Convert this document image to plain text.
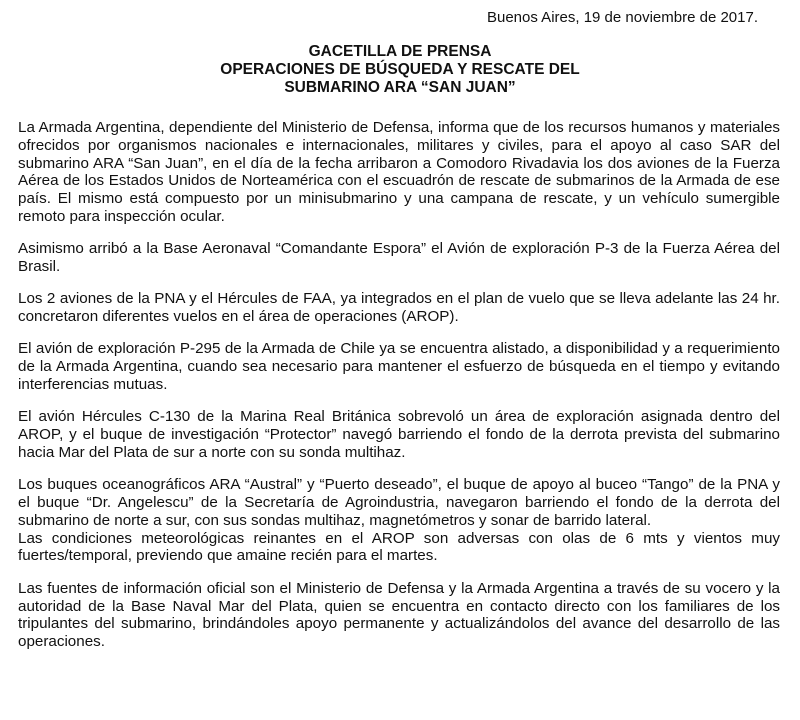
Buenos Aires, 19 de noviembre de 2017.

GACETILLA DE PRENSA
OPERACIONES DE BÚSQUEDA Y RESCATE DEL
SUBMARINO ARA “SAN JUAN”

La Armada Argentina, dependiente del Ministerio de Defensa, informa que de los recursos humanos y materiales ofrecidos por organismos nacionales e internacionales, militares y civiles, para el apoyo al caso SAR del submarino ARA “San Juan”, en el día de la fecha arribaron a Comodoro Rivadavia los dos aviones de la Fuerza Aérea de los Estados Unidos de Norteamérica con el escuadrón de rescate de submarinos de la Armada de ese país. El mismo está compuesto por un minisubmarino y una campana de rescate, y un vehículo sumergible remoto para inspección ocular.

Asimismo arribó a la Base Aeronaval “Comandante Espora” el Avión de exploración P-3 de la Fuerza Aérea del Brasil.

Los 2 aviones de la PNA y el Hércules de FAA, ya integrados en el plan de vuelo que se lleva adelante las 24 hr. concretaron diferentes vuelos en el área de operaciones (AROP).

El avión de exploración P-295 de la Armada de Chile ya se encuentra alistado, a disponibilidad y a requerimiento de la Armada Argentina, cuando sea necesario para mantener el esfuerzo de búsqueda en el tiempo y evitando interferencias mutuas.

El avión Hércules C-130 de la Marina Real Británica sobrevoló un área de exploración asignada dentro del AROP, y el buque de investigación “Protector” navegó barriendo el fondo de la derrota prevista del submarino hacia Mar del Plata de sur a norte con su sonda multihaz.

Los buques oceanográficos ARA “Austral” y “Puerto deseado”, el buque de apoyo al buceo “Tango” de la PNA y el buque “Dr. Angelescu” de la Secretaría de Agroindustria, navegaron barriendo el fondo de la derrota del submarino de norte a sur, con sus sondas multihaz, magnetómetros y sonar de barrido lateral.

Las condiciones meteorológicas reinantes en el AROP son adversas con olas de 6 mts y vientos muy fuertes/temporal, previendo que amaine recién para el martes.

Las fuentes de información oficial son el Ministerio de Defensa y la Armada Argentina a través de su vocero y la autoridad de la Base Naval Mar del Plata, quien se encuentra en contacto directo con los familiares de los tripulantes del submarino, brindándoles apoyo permanente y actualizándolos del avance del desarrollo de las operaciones.
